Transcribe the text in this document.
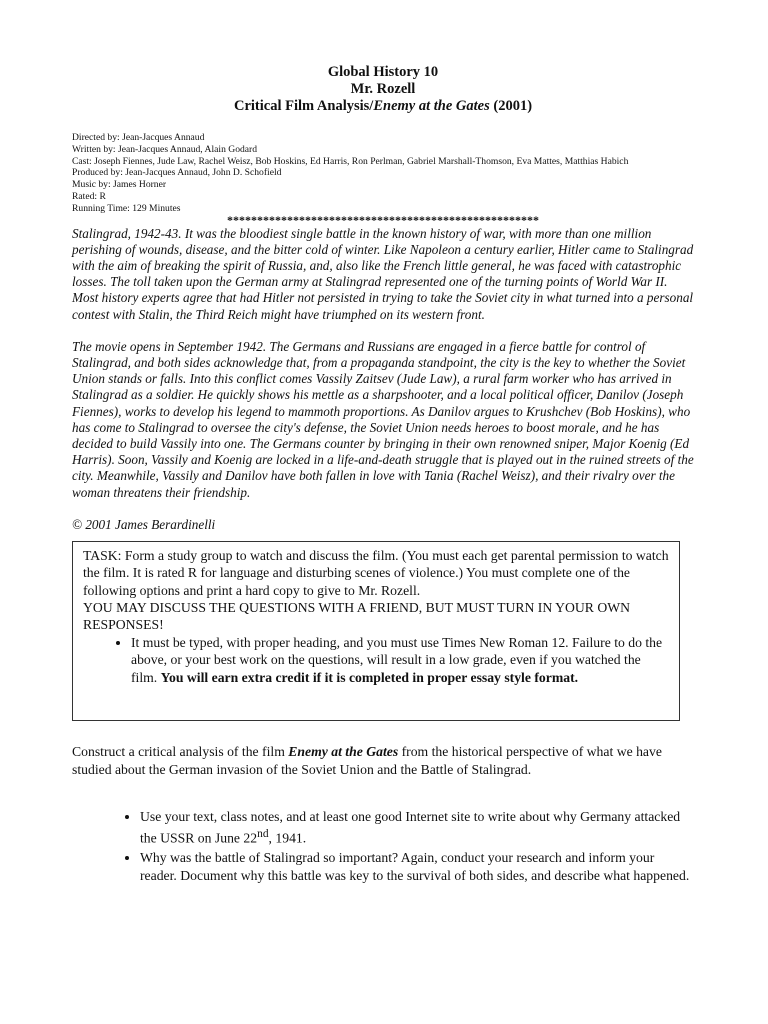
Global History 10
Mr. Rozell
Critical Film Analysis/Enemy at the Gates (2001)
Directed by: Jean-Jacques Annaud
Written by: Jean-Jacques Annaud, Alain Godard
Cast: Joseph Fiennes, Jude Law, Rachel Weisz, Bob Hoskins, Ed Harris, Ron Perlman, Gabriel Marshall-Thomson, Eva Mattes, Matthias Habich
Produced by: Jean-Jacques Annaud, John D. Schofield
Music by: James Horner
Rated: R
Running Time: 129 Minutes
****************************************************

Stalingrad, 1942-43. It was the bloodiest single battle in the known history of war, with more than one million perishing of wounds, disease, and the bitter cold of winter. Like Napoleon a century earlier, Hitler came to Stalingrad with the aim of breaking the spirit of Russia, and, also like the French little general, he was faced with catastrophic losses. The toll taken upon the German army at Stalingrad represented one of the turning points of World War II. Most history experts agree that had Hitler not persisted in trying to take the Soviet city in what turned into a personal contest with Stalin, the Third Reich might have triumphed on its western front.

The movie opens in September 1942. The Germans and Russians are engaged in a fierce battle for control of Stalingrad, and both sides acknowledge that, from a propaganda standpoint, the city is the key to whether the Soviet Union stands or falls. Into this conflict comes Vassily Zaitsev (Jude Law), a rural farm worker who has arrived in Stalingrad as a soldier. He quickly shows his mettle as a sharpshooter, and a local political officer, Danilov (Joseph Fiennes), works to develop his legend to mammoth proportions. As Danilov argues to Krushchev (Bob Hoskins), who has come to Stalingrad to oversee the city's defense, the Soviet Union needs heroes to boost morale, and he has decided to build Vassily into one. The Germans counter by bringing in their own renowned sniper, Major Koenig (Ed Harris). Soon, Vassily and Koenig are locked in a life-and-death struggle that is played out in the ruined streets of the city. Meanwhile, Vassily and Danilov have both fallen in love with Tania (Rachel Weisz), and their rivalry over the woman threatens their friendship.

© 2001 James Berardinelli
TASK: Form a study group to watch and discuss the film. (You must each get parental permission to watch the film. It is rated R for language and disturbing scenes of violence.) You must complete one of the following options and print a hard copy to give to Mr. Rozell.
YOU MAY DISCUSS THE QUESTIONS WITH A FRIEND, BUT MUST TURN IN YOUR OWN RESPONSES!
• It must be typed, with proper heading, and you must use Times New Roman 12. Failure to do the above, or your best work on the questions, will result in a low grade, even if you watched the film. You will earn extra credit if it is completed in proper essay style format.
Construct a critical analysis of the film Enemy at the Gates from the historical perspective of what we have studied about the German invasion of the Soviet Union and the Battle of Stalingrad.
• Use your text, class notes, and at least one good Internet site to write about why Germany attacked the USSR on June 22nd, 1941.
• Why was the battle of Stalingrad so important? Again, conduct your research and inform your reader. Document why this battle was key to the survival of both sides, and describe what happened.
